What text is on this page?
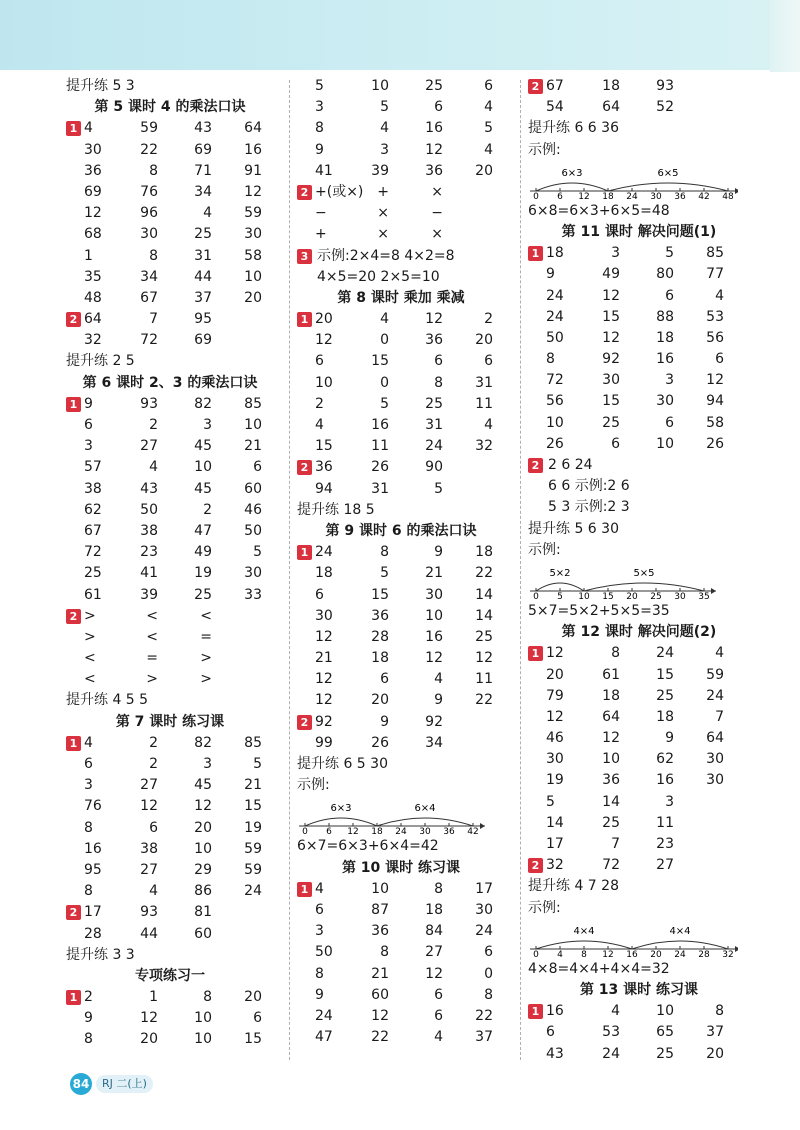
提升练 5 3
第 5 课时 4 的乘法口诀
1 4	59	43	64
30	22	69	16
36	8	71	91
69	76	34	12
12	96	4	59
68	30	25	30
1	8	31	58
35	34	44	10
48	67	37	20
2 64	7	95
32	72	69
提升练 2 5
第 6 课时 2、3 的乘法口诀
1 9	93	82	85
6	2	3	10
3	27	45	21
57	4	10	6
38	43	45	60
62	50	2	46
67	38	47	50
72	23	49	5
25	41	19	30
61	39	25	33
2 >	<	<
>	<	=
<	=	>
<	>	>
提升练 4 5 5
第 7 课时 练习课
1 4	2	82	85
6	2	3	5
3	27	45	21
76	12	12	15
8	6	20	19
16	38	10	59
95	27	29	59
8	4	86	24
2 17	93	81
28	44	60
提升练 3 3
专项练习一
1 2	1	8	20
9	12	10	6
8	20	10	15
5	10	25	6
3	5	6	4
8	4	16	5
9	3	12	4
41	39	36	20
2 +(或×) +	×
−	×	−
+	×	×
3 示例:2×4=8 4×2=8
4×5=20 2×5=10
第 8 课时 乘加 乘减
1 20	4	12	2
12	0	36	20
6	15	6	6
10	0	8	31
2	5	25	11
4	16	31	4
15	11	24	32
2 36	26	90
94	31	5
提升练 18 5
第 9 课时 6 的乘法口诀
1 24	8	9	18
18	5	21	22
6	15	30	14
30	36	10	14
12	28	16	25
21	18	12	12
12	6	4	11
12	20	9	22
2 92	9	92
99	26	34
提升练 6 5 30
示例:
0 6 12 18 24 30 36 42
6×3	6×4
6×7=6×3+6×4=42
第 10 课时 练习课
1 4	10	8	17
6	87	18	30
3	36	84	24
50	8	27	6
8	21	12	0
9	60	6	8
24	12	6	22
47	22	4	37
2 67	18	93
54	64	52
提升练 6 6 36
示例:
0 6 12 18 24 30 36 42 48
6×3	6×5
6×8=6×3+6×5=48
第 11 课时 解决问题(1)
1 18	3	5	85
9	49	80	77
24	12	6	4
24	15	88	53
50	12	18	56
8	92	16	6
72	30	3	12
56	15	30	94
10	25	6	58
26	6	10	26
2 2 6 24
6 6 示例:2 6
5 3 示例:2 3
提升练 5 6 30
示例:
0 5 10 15 20 25 30 35
5×2	5×5
5×7=5×2+5×5=35
第 12 课时 解决问题(2)
1 12	8	24	4
20	61	15	59
79	18	25	24
12	64	18	7
46	12	9	64
30	10	62	30
19	36	16	30
5	14	3
14	25	11
17	7	23
2 32	72	27
提升练 4 7 28
示例:
0 4 8 12 16 20 24 28 32
4×4	4×4
4×8=4×4+4×4=32
第 13 课时 练习课
1 16	4	10	8
6	53	65	37
43	24	25	20
84	RJ 二(上)
